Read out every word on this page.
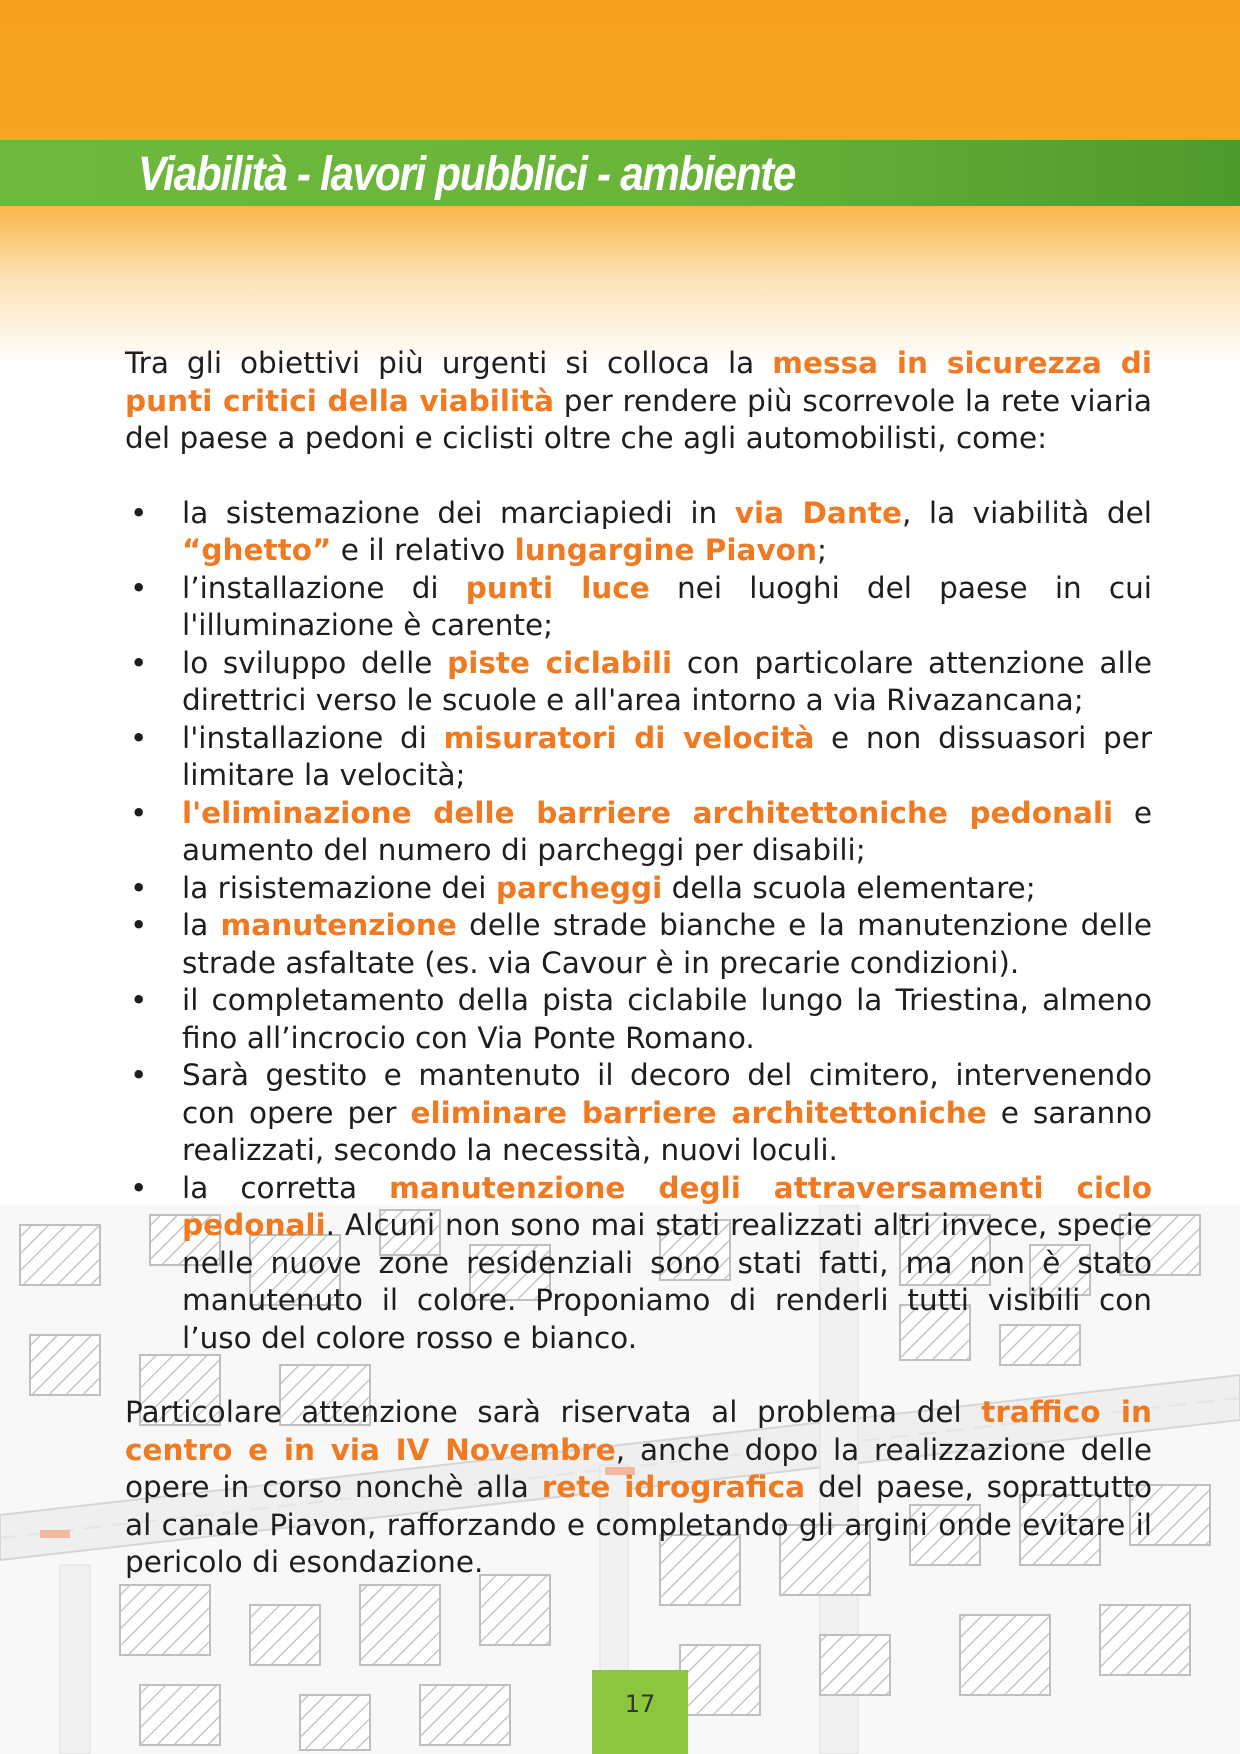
Viabilità - lavori pubblici - ambiente

Tra gli obiettivi più urgenti si colloca la messa in sicurezza di punti critici della viabilità per rendere più scorrevole la rete viaria del paese a pedoni e ciclisti oltre che agli automobilisti, come:

• la sistemazione dei marciapiedi in via Dante, la viabilità del “ghetto” e il relativo lungargine Piavon;
• l’installazione di punti luce nei luoghi del paese in cui l'illuminazione è carente;
• lo sviluppo delle piste ciclabili con particolare attenzione alle direttrici verso le scuole e all'area intorno a via Rivazancana;
• l'installazione di misuratori di velocità e non dissuasori per limitare la velocità;
• l'eliminazione delle barriere architettoniche pedonali e aumento del numero di parcheggi per disabili;
• la risistemazione dei parcheggi della scuola elementare;
• la manutenzione delle strade bianche e la manutenzione delle strade asfaltate (es. via Cavour è in precarie condizioni).
• il completamento della pista ciclabile lungo la Triestina, almeno fino all’incrocio con Via Ponte Romano.
• Sarà gestito e mantenuto il decoro del cimitero, intervenendo con opere per eliminare barriere architettoniche e saranno realizzati, secondo la necessità, nuovi loculi.
• la corretta manutenzione degli attraversamenti ciclo pedonali. Alcuni non sono mai stati realizzati altri invece, specie nelle nuove zone residenziali sono stati fatti, ma non è stato manutenuto il colore. Proponiamo di renderli tutti visibili con l’uso del colore rosso e bianco.

Particolare attenzione sarà riservata al problema del traffico in centro e in via IV Novembre, anche dopo la realizzazione delle opere in corso nonchè alla rete idrografica del paese, soprattutto al canale Piavon, rafforzando e completando gli argini onde evitare il pericolo di esondazione.

17
